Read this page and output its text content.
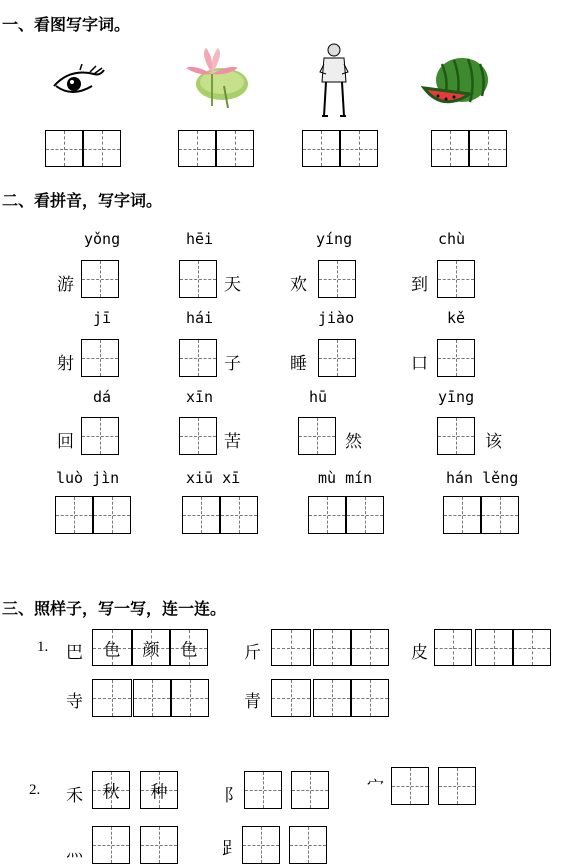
一、看图写字词。
二、看拼音，写字词。
yǒng	hēi	yíng	chù
游	天	欢	到
jī	hái	jiào	kě
射	子	睡	口
dá	xīn	hū	yīng
回	苦	然	该
luò jìn	xiū xī	mù mín	hán lěng
三、照样子，写一写，连一连。
1. 巴	色	颜	色	斤	皮
寺	青
2. 禾	秋	种	阝	宀
灬	𧾷
